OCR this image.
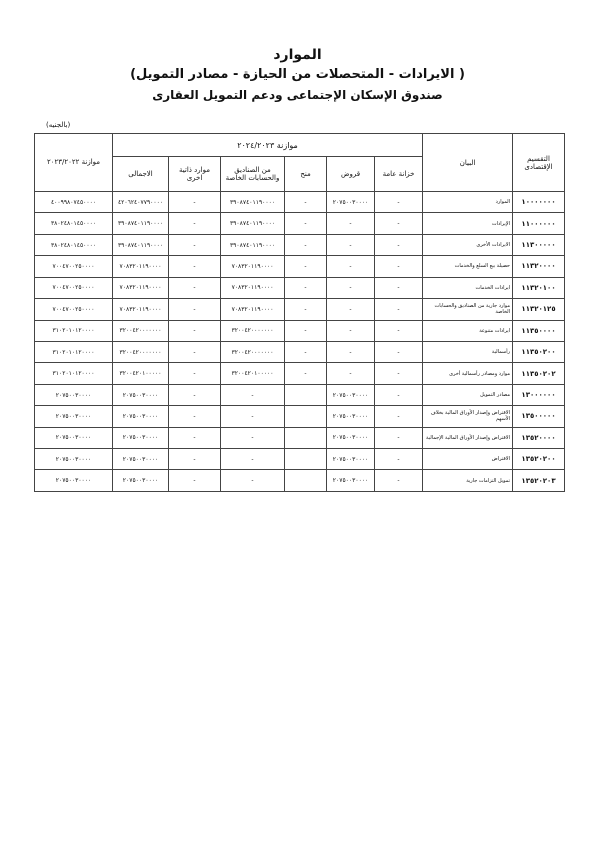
الموارد
( الايرادات - المتحصلات من الحيازة - مصادر التمويل)
صندوق الإسكان الإجتماعى ودعم التمويل العقارى
(بالجنيه)
التقسيم الإقتصادى	البيان	موازنة ٢٠٢٤/٢٠٢٣						موازنة ٢٠٢٣/٢٠٢٢
		خزانة عامة	قروض	منح	من الصناديق والحسابات الخاصة	موارد ذاتية اخرى	الاجمالى	
١٠٠٠٠٠٠٠	الموارد	-	٢٠٧٥٠٠٣٠٠٠٠	-	٣٩٠٨٧٤٠١١٩٠٠٠٠	-	٤٢٠٦٢٤٠٧٧٩٠٠٠٠	٤٠٠٩٩٨٠٧٤٥٠٠٠٠
١١٠٠٠٠٠٠	الإيرادات	-	-	-	٣٩٠٨٧٤٠١١٩٠٠٠٠	-	٣٩٠٨٧٤٠١١٩٠٠٠٠	٣٨٠٢٤٨٠١٤٥٠٠٠٠
١١٣٠٠٠٠٠	الايرادات الأخرى	-	-	-	٣٩٠٨٧٤٠١١٩٠٠٠٠	-	٣٩٠٨٧٤٠١١٩٠٠٠٠	٣٨٠٢٤٨٠١٤٥٠٠٠٠
١١٣٢٠٠٠٠	حصيلة بيع السلع والخدمات	-	-	-	٧٠٨٣٢٠١١٩٠٠٠٠	-	٧٠٨٣٢٠١١٩٠٠٠٠	٧٠٠٤٧٠٠٢٥٠٠٠٠
١١٣٢٠١٠٠	ايرادات الخدمات	-	-	-	٧٠٨٣٢٠١١٩٠٠٠٠	-	٧٠٨٣٢٠١١٩٠٠٠٠	٧٠٠٤٧٠٠٢٥٠٠٠٠
١١٣٢٠١٢٥	موارد جارية من الصناديق والحسابات الخاصة	-	-	-	٧٠٨٣٢٠١١٩٠٠٠٠	-	٧٠٨٣٢٠١١٩٠٠٠٠	٧٠٠٤٧٠٠٢٥٠٠٠٠
١١٣٥٠٠٠٠	ايرادات متنوعة	-	-	-	٣٢٠٠٤٢٠٠٠٠٠٠٠	-	٣٢٠٠٤٢٠٠٠٠٠٠٠	٣١٠٢٠١٠١٢٠٠٠٠
١١٣٥٠٢٠٠	رأسمالية	-	-	-	٣٢٠٠٤٢٠٠٠٠٠٠٠	-	٣٢٠٠٤٢٠٠٠٠٠٠٠	٣١٠٢٠١٠١٢٠٠٠٠
١١٣٥٠٢٠٢	موارد ومصادر رأسمالية أخرى	-	-	-	٣٢٠٠٤٢٠١٠٠٠٠٠	-	٣٢٠٠٤٢٠١٠٠٠٠٠	٣١٠٢٠١٠١٢٠٠٠٠
١٣٠٠٠٠٠٠	مصادر التمويل	-	٢٠٧٥٠٠٣٠٠٠٠		-	-	٢٠٧٥٠٠٣٠٠٠٠	٢٠٧٥٠٠٣٠٠٠٠
١٣٥٠٠٠٠٠	الاقتراض وإصدار الأوراق المالية بخلاف الأسهم	-	٢٠٧٥٠٠٣٠٠٠٠		-	-	٢٠٧٥٠٠٣٠٠٠٠	٢٠٧٥٠٠٣٠٠٠٠
١٣٥٢٠٠٠٠	الاقتراض وإصدار الأوراق المالية الإجمالية	-	٢٠٧٥٠٠٣٠٠٠٠		-	-	٢٠٧٥٠٠٣٠٠٠٠	٢٠٧٥٠٠٣٠٠٠٠
١٣٥٢٠٢٠٠	الاقتراض	-	٢٠٧٥٠٠٣٠٠٠٠		-	-	٢٠٧٥٠٠٣٠٠٠٠	٢٠٧٥٠٠٣٠٠٠٠
١٣٥٢٠٢٠٣	تمويل التزامات جارية	-	٢٠٧٥٠٠٣٠٠٠٠		-	-	٢٠٧٥٠٠٣٠٠٠٠	٢٠٧٥٠٠٣٠٠٠٠
